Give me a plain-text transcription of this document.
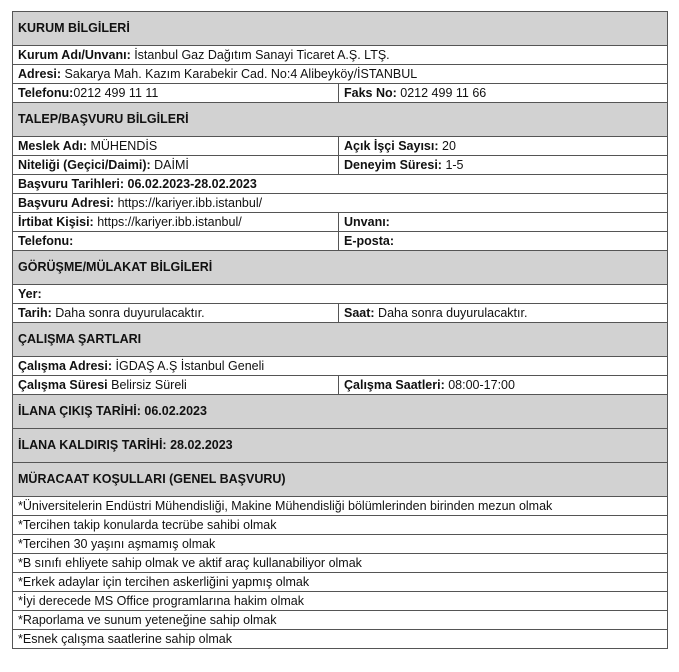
KURUM BİLGİLERİ	
Kurum Adı/Unvanı: İstanbul Gaz Dağıtım Sanayi Ticaret A.Ş. LTŞ.	
Adresi: Sakarya Mah. Kazım Karabekir Cad. No:4 Alibeyköy/İSTANBUL	
Telefonu:0212 499 11 11	Faks No: 0212 499 11 66
TALEP/BAŞVURU BİLGİLERİ	
Meslek Adı: MÜHENDİS	Açık İşçi Sayısı: 20
Niteliği (Geçici/Daimi): DAİMİ	Deneyim Süresi: 1-5
Başvuru Tarihleri: 06.02.2023-28.02.2023	
Başvuru Adresi: https://kariyer.ibb.istanbul/	
İrtibat Kişisi: https://kariyer.ibb.istanbul/	Unvanı:
Telefonu:	E-posta:
GÖRÜŞME/MÜLAKAT BİLGİLERİ	
Yer:	
Tarih: Daha sonra duyurulacaktır.	Saat: Daha sonra duyurulacaktır.
ÇALIŞMA ŞARTLARI	
Çalışma Adresi: İGDAŞ A.Ş İstanbul Geneli	
Çalışma Süresi Belirsiz Süreli	Çalışma Saatleri: 08:00-17:00
İLANA ÇIKIŞ TARİHİ: 06.02.2023	
İLANA KALDIRIŞ TARİHİ: 28.02.2023	
MÜRACAAT KOŞULLARI (GENEL BAŞVURU)	
*Üniversitelerin Endüstri Mühendisliği, Makine Mühendisliği bölümlerinden birinden mezun olmak	
*Tercihen takip konularda tecrübe sahibi olmak	
*Tercihen 30 yaşını aşmamış olmak	
*B sınıfı ehliyete sahip olmak ve aktif araç kullanabiliyor olmak	
*Erkek adaylar için tercihen askerliğini yapmış olmak	
*İyi derecede MS Office programlarına hakim olmak	
*Raporlama ve sunum yeteneğine sahip olmak	
*Esnek çalışma saatlerine sahip olmak	
